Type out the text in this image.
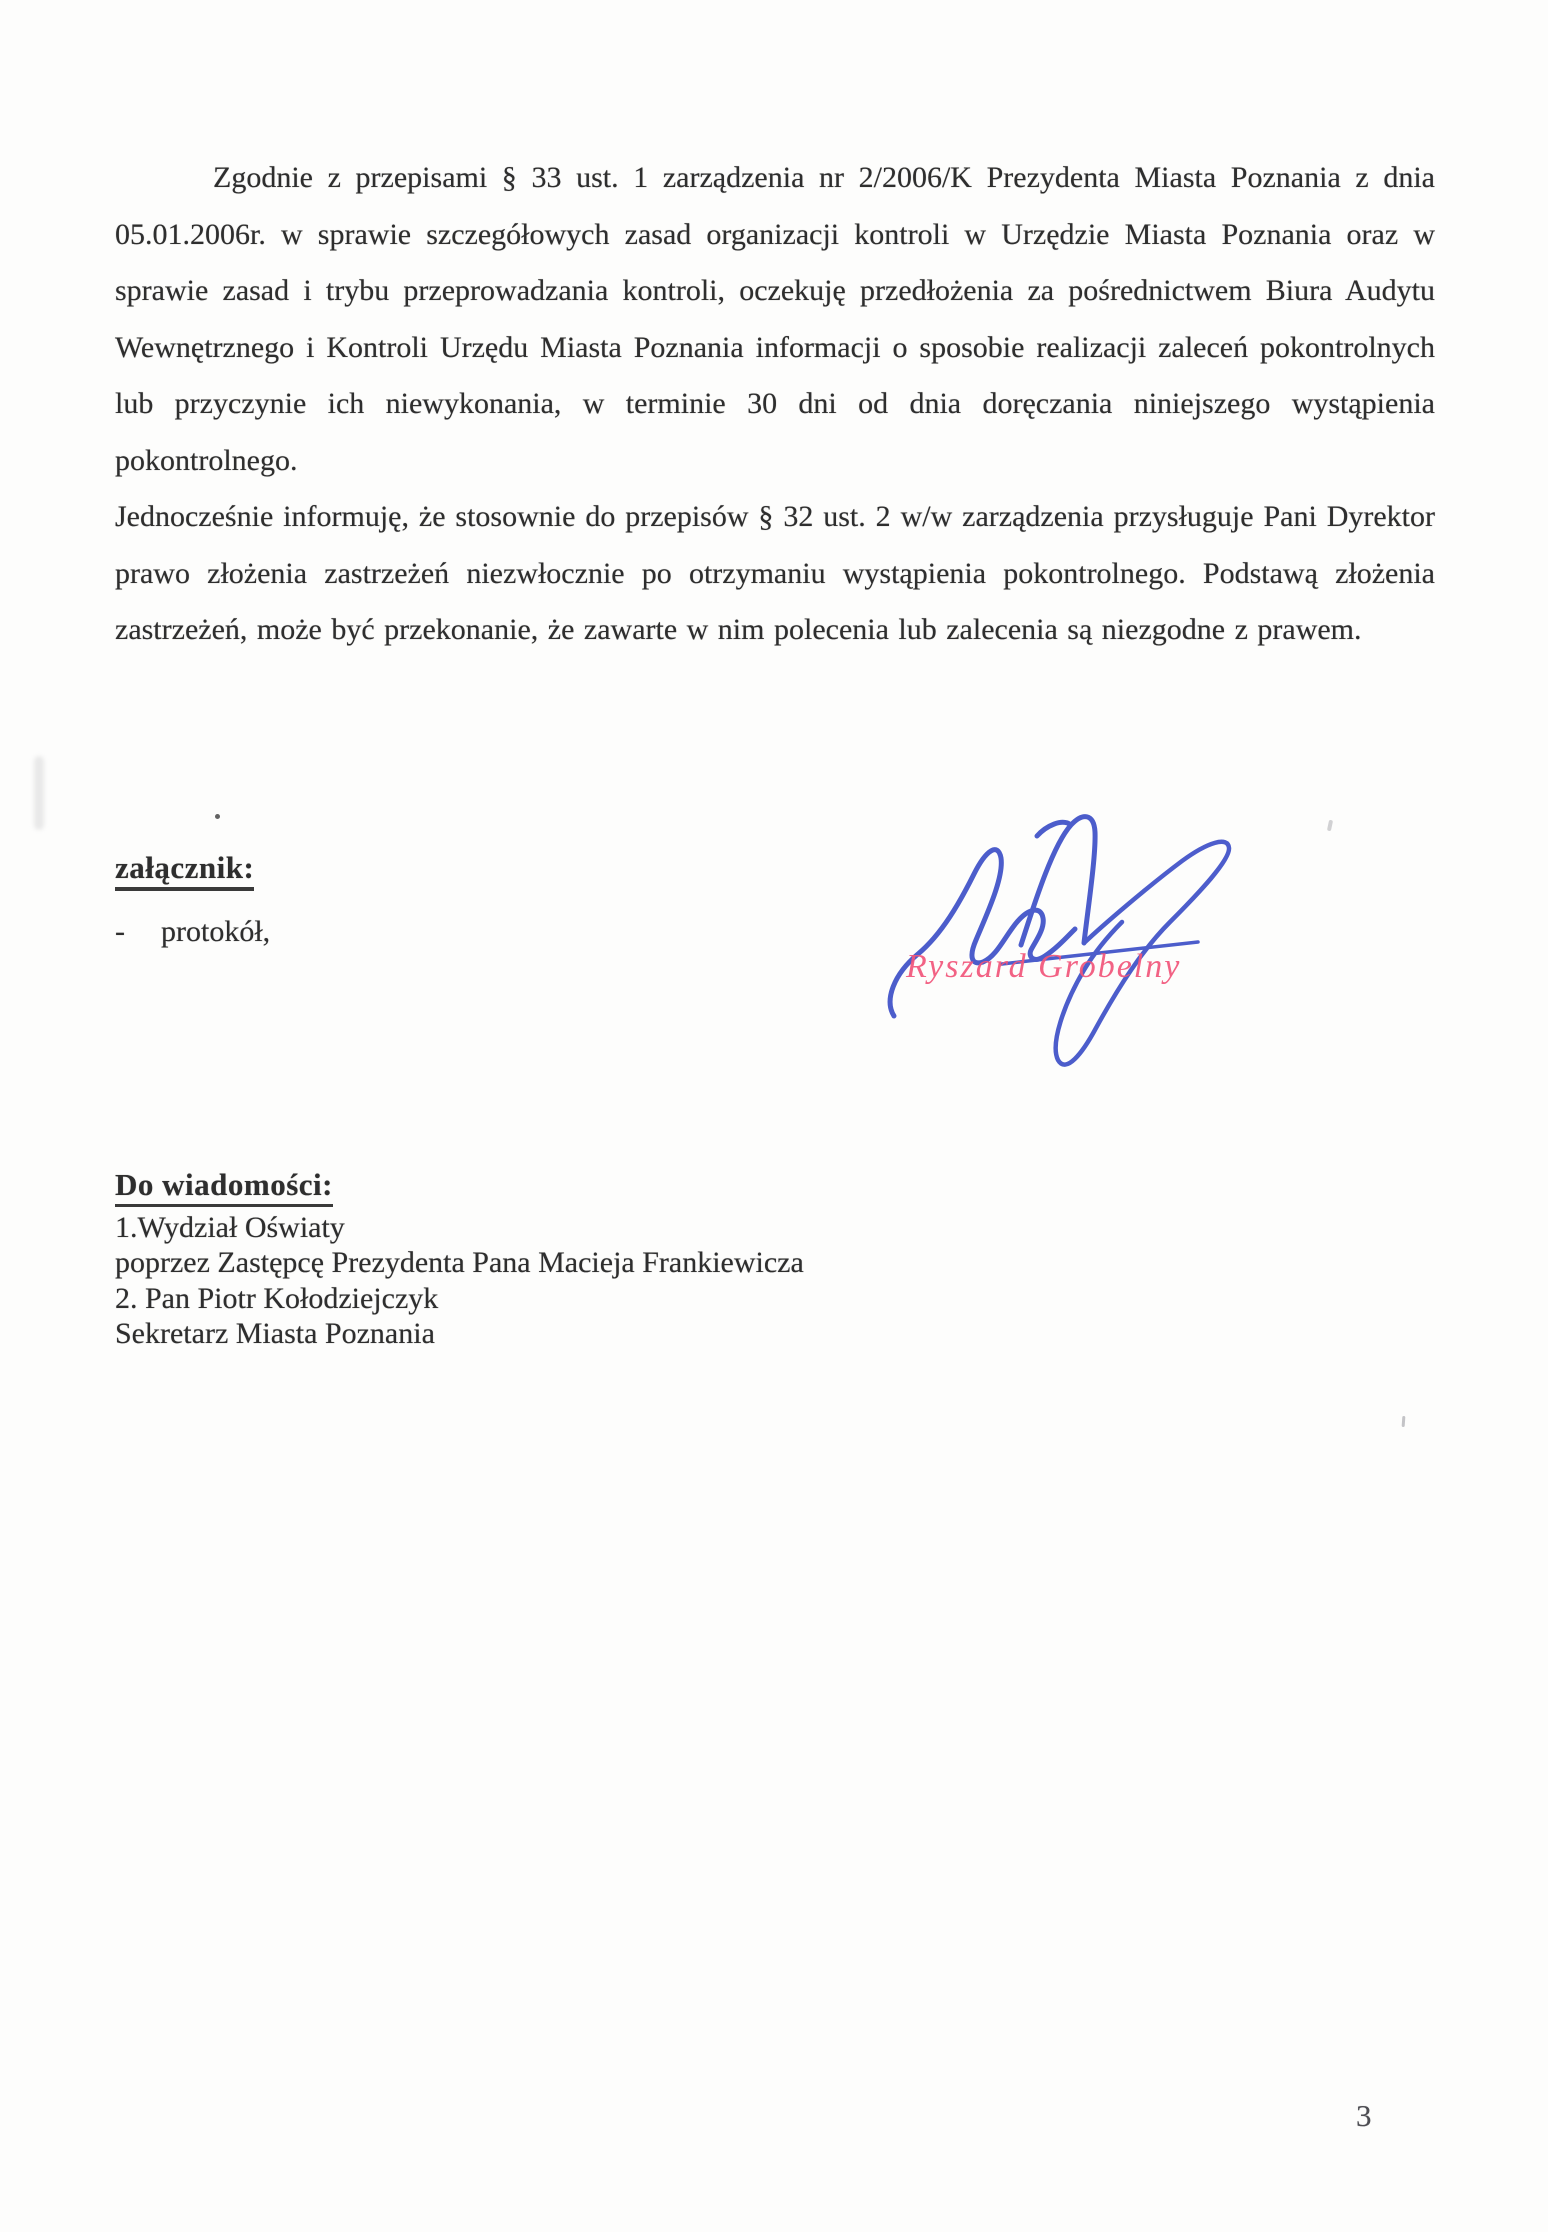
Zgodnie z przepisami § 33 ust. 1 zarządzenia nr 2/2006/K Prezydenta Miasta Poznania z dnia 05.01.2006r. w sprawie szczegółowych zasad organizacji kontroli w Urzędzie Miasta Poznania oraz w sprawie zasad i trybu przeprowadzania kontroli, oczekuję przedłożenia za pośrednictwem Biura Audytu Wewnętrznego i Kontroli Urzędu Miasta Poznania informacji o sposobie realizacji zaleceń pokontrolnych lub przyczynie ich niewykonania, w terminie 30 dni od dnia doręczania niniejszego wystąpienia pokontrolnego.

Jednocześnie informuję, że stosownie do przepisów § 32 ust. 2 w/w zarządzenia przysługuje Pani Dyrektor prawo złożenia zastrzeżeń niezwłocznie po otrzymaniu wystąpienia pokontrolnego. Podstawą złożenia zastrzeżeń, może być przekonanie, że zawarte w nim polecenia lub zalecenia są niezgodne z prawem.

załącznik:
-	protokół,
Ryszard Grobelny
Do wiadomości:
1.Wydział Oświaty
poprzez Zastępcę Prezydenta Pana Macieja Frankiewicza
2. Pan Piotr Kołodziejczyk
Sekretarz Miasta Poznania
3
